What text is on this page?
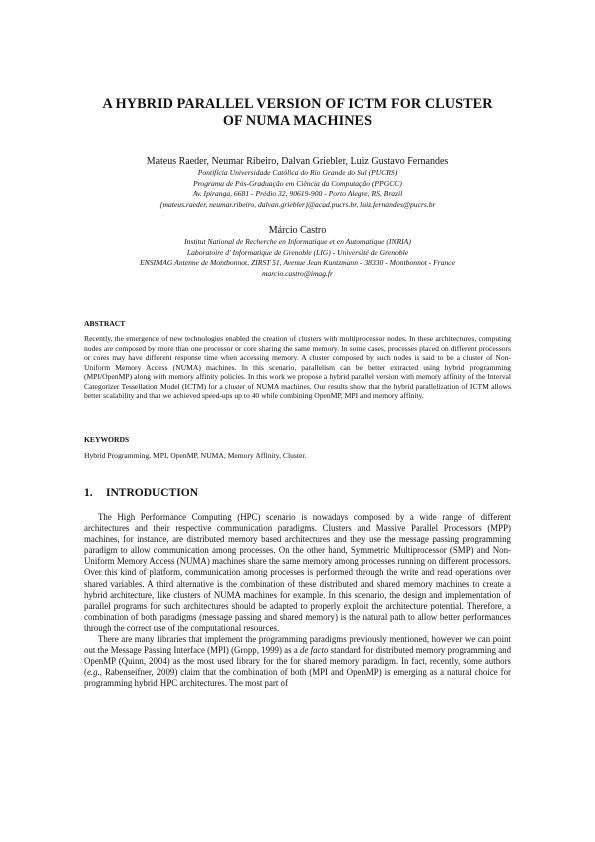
A HYBRID PARALLEL VERSION OF ICTM FOR CLUSTER
OF NUMA MACHINES
Mateus Raeder, Neumar Ribeiro, Dalvan Griebler, Luiz Gustavo Fernandes
Pontifícia Universidade Católica do Rio Grande do Sul (PUCRS)
Programa de Pós-Graduação em Ciência da Computação (PPGCC)
Av. Ipiranga, 6681 - Prédio 32, 90619-900 - Porto Alegre, RS, Brazil
{mateus.raeder, neumar.ribeiro, dalvan.griebler}@acad.pucrs.br, luiz.fernandes@pucrs.br
Márcio Castro
Institut National de Recherche en Informatique et en Automatique (INRIA)
Laboratoire d' Informatique de Grenoble (LIG) - Université de Grenoble
ENSIMAG Antenne de Montbonnot, ZIRST 51, Avenue Jean Kuntzmann - 38330 - Montbonnot - France
marcio.castro@imag.fr
ABSTRACT
Recently, the emergence of new technologies enabled the creation of clusters with multiprocessor nodes. In these architectures, computing nodes are composed by more than one processor or core sharing the same memory. In some cases, processes placed on different processors or cores may have different response time when accessing memory. A cluster composed by such nodes is said to be a cluster of Non-Uniform Memory Access (NUMA) machines. In this scenario, parallelism can be better extracted using hybrid programming (MPI/OpenMP) along with memory affinity policies. In this work we propose a hybrid parallel version with memory affinity of the Interval Categorizer Tessellation Model (ICTM) for a cluster of NUMA machines. Our results show that the hybrid parallelization of ICTM allows better scalability and that we achieved speed-ups up to 40 while combining OpenMP, MPI and memory affinity.
KEYWORDS
Hybrid Programming, MPI, OpenMP, NUMA, Memory Affinity, Cluster.
1. INTRODUCTION

The High Performance Computing (HPC) scenario is nowadays composed by a wide range of different architectures and their respective communication paradigms. Clusters and Massive Parallel Processors (MPP) machines, for instance, are distributed memory based architectures and they use the message passing programming paradigm to allow communication among processes. On the other hand, Symmetric Multiprocessor (SMP) and Non-Uniform Memory Access (NUMA) machines share the same memory among processes running on different processors. Over this kind of platform, communication among processes is performed through the write and read operations over shared variables. A third alternative is the combination of these distributed and shared memory machines to create a hybrid architecture, like clusters of NUMA machines for example. In this scenario, the design and implementation of parallel programs for such architectures should be adapted to properly exploit the architecture potential. Therefore, a combination of both paradigms (message passing and shared memory) is the natural path to allow better performances through the correct use of the computational resources.

There are many libraries that implement the programming paradigms previously mentioned, however we can point out the Message Passing Interface (MPI) (Gropp, 1999) as a de facto standard for distributed memory programming and OpenMP (Quinn, 2004) as the most used library for the for shared memory paradigm. In fact, recently, some authors (e.g., Rabenseifner, 2009) claim that the combination of both (MPI and OpenMP) is emerging as a natural choice for programming hybrid HPC architectures. The most part of
